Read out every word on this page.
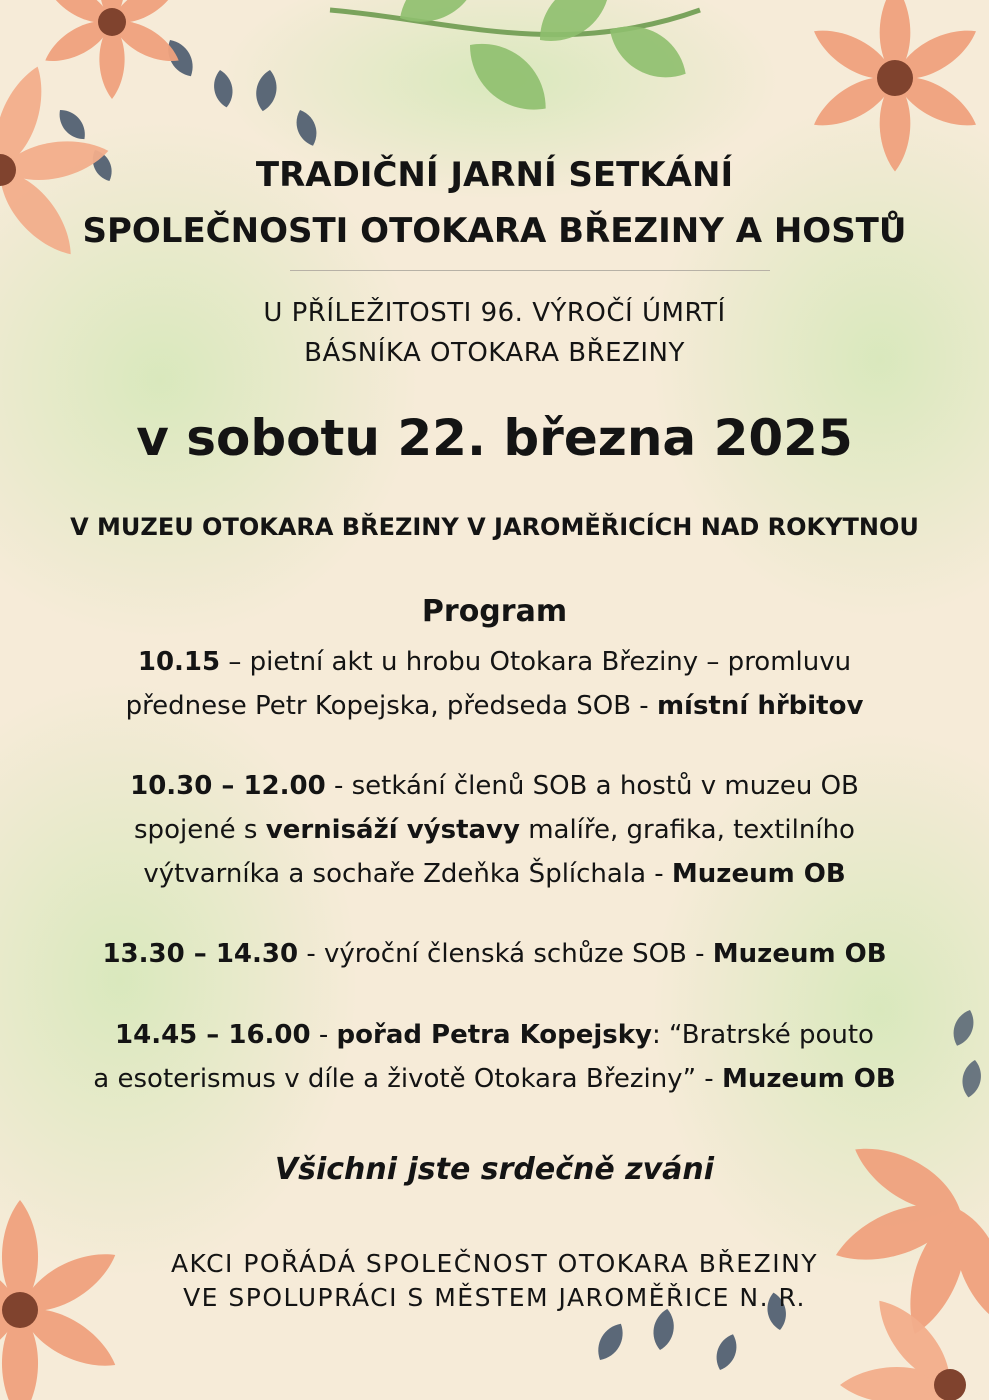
TRADIČNÍ JARNÍ SETKÁNÍ
SPOLEČNOSTI OTOKARA BŘEZINY A HOSTŮ
U PŘÍLEŽITOSTI 96. VÝROČÍ ÚMRTÍ
BÁSNÍKA OTOKARA BŘEZINY
v sobotu 22. března 2025
V MUZEU OTOKARA BŘEZINY V JAROMĚŘICÍCH NAD ROKYTNOU
Program
10.15 – pietní akt u hrobu Otokara Březiny – promluvu
přednese Petr Kopejska, předseda SOB - místní hřbitov
10.30 – 12.00 - setkání členů SOB a hostů v muzeu OB
spojené s vernisáží výstavy malíře, grafika, textilního
výtvarníka a sochaře Zdeňka Šplíchala - Muzeum OB
13.30 – 14.30 - výroční členská schůze SOB - Muzeum OB
14.45 – 16.00 - pořad Petra Kopejsky: “Bratrské pouto
a esoterismus v díle a životě Otokara Březiny” - Muzeum OB
Všichni jste srdečně zváni
AKCI POŘÁDÁ SPOLEČNOST OTOKARA BŘEZINY
VE SPOLUPRÁCI S MĚSTEM JAROMĚŘICE N. R.
